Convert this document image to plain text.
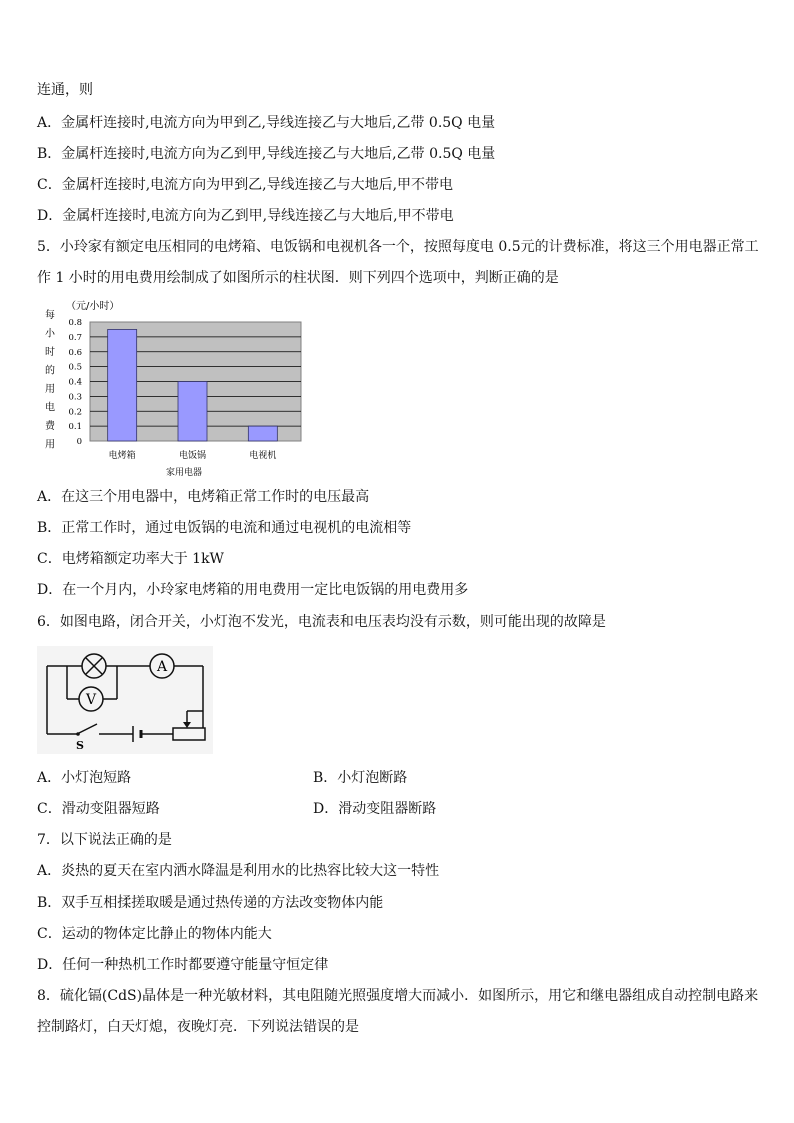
连通，则
A．金属杆连接时,电流方向为甲到乙,导线连接乙与大地后,乙带 0.5Q 电量
B．金属杆连接时,电流方向为乙到甲,导线连接乙与大地后,乙带 0.5Q 电量
C．金属杆连接时,电流方向为甲到乙,导线连接乙与大地后,甲不带电
D．金属杆连接时,电流方向为乙到甲,导线连接乙与大地后,甲不带电
5．小玲家有额定电压相同的电烤箱、电饭锅和电视机各一个，按照每度电 0.5元的计费标准，将这三个用电器正常工
作 1 小时的用电费用绘制成了如图所示的柱状图．则下列四个选项中，判断正确的是
（元/小时）
每
小
时
的
用
电
费
用
0.8
0.7
0.6
0.5
0.4
0.3
0.2
0.1
0
电烤箱	电饭锅	电视机
家用电器
A．在这三个用电器中，电烤箱正常工作时的电压最高
B．正常工作时，通过电饭锅的电流和通过电视机的电流相等
C．电烤箱额定功率大于 1kW
D．在一个月内，小玲家电烤箱的用电费用一定比电饭锅的用电费用多
6．如图电路，闭合开关，小灯泡不发光，电流表和电压表均没有示数，则可能出现的故障是
A
V
S
A．小灯泡短路	B．小灯泡断路
C．滑动变阻器短路	D．滑动变阻器断路
7．以下说法正确的是
A．炎热的夏天在室内洒水降温是利用水的比热容比较大这一特性
B．双手互相揉搓取暖是通过热传递的方法改变物体内能
C．运动的物体定比静止的物体内能大
D．任何一种热机工作时都要遵守能量守恒定律
8．硫化镉(CdS)晶体是一种光敏材料，其电阻随光照强度增大而减小．如图所示，用它和继电器组成自动控制电路来
控制路灯，白天灯熄，夜晚灯亮．下列说法错误的是
